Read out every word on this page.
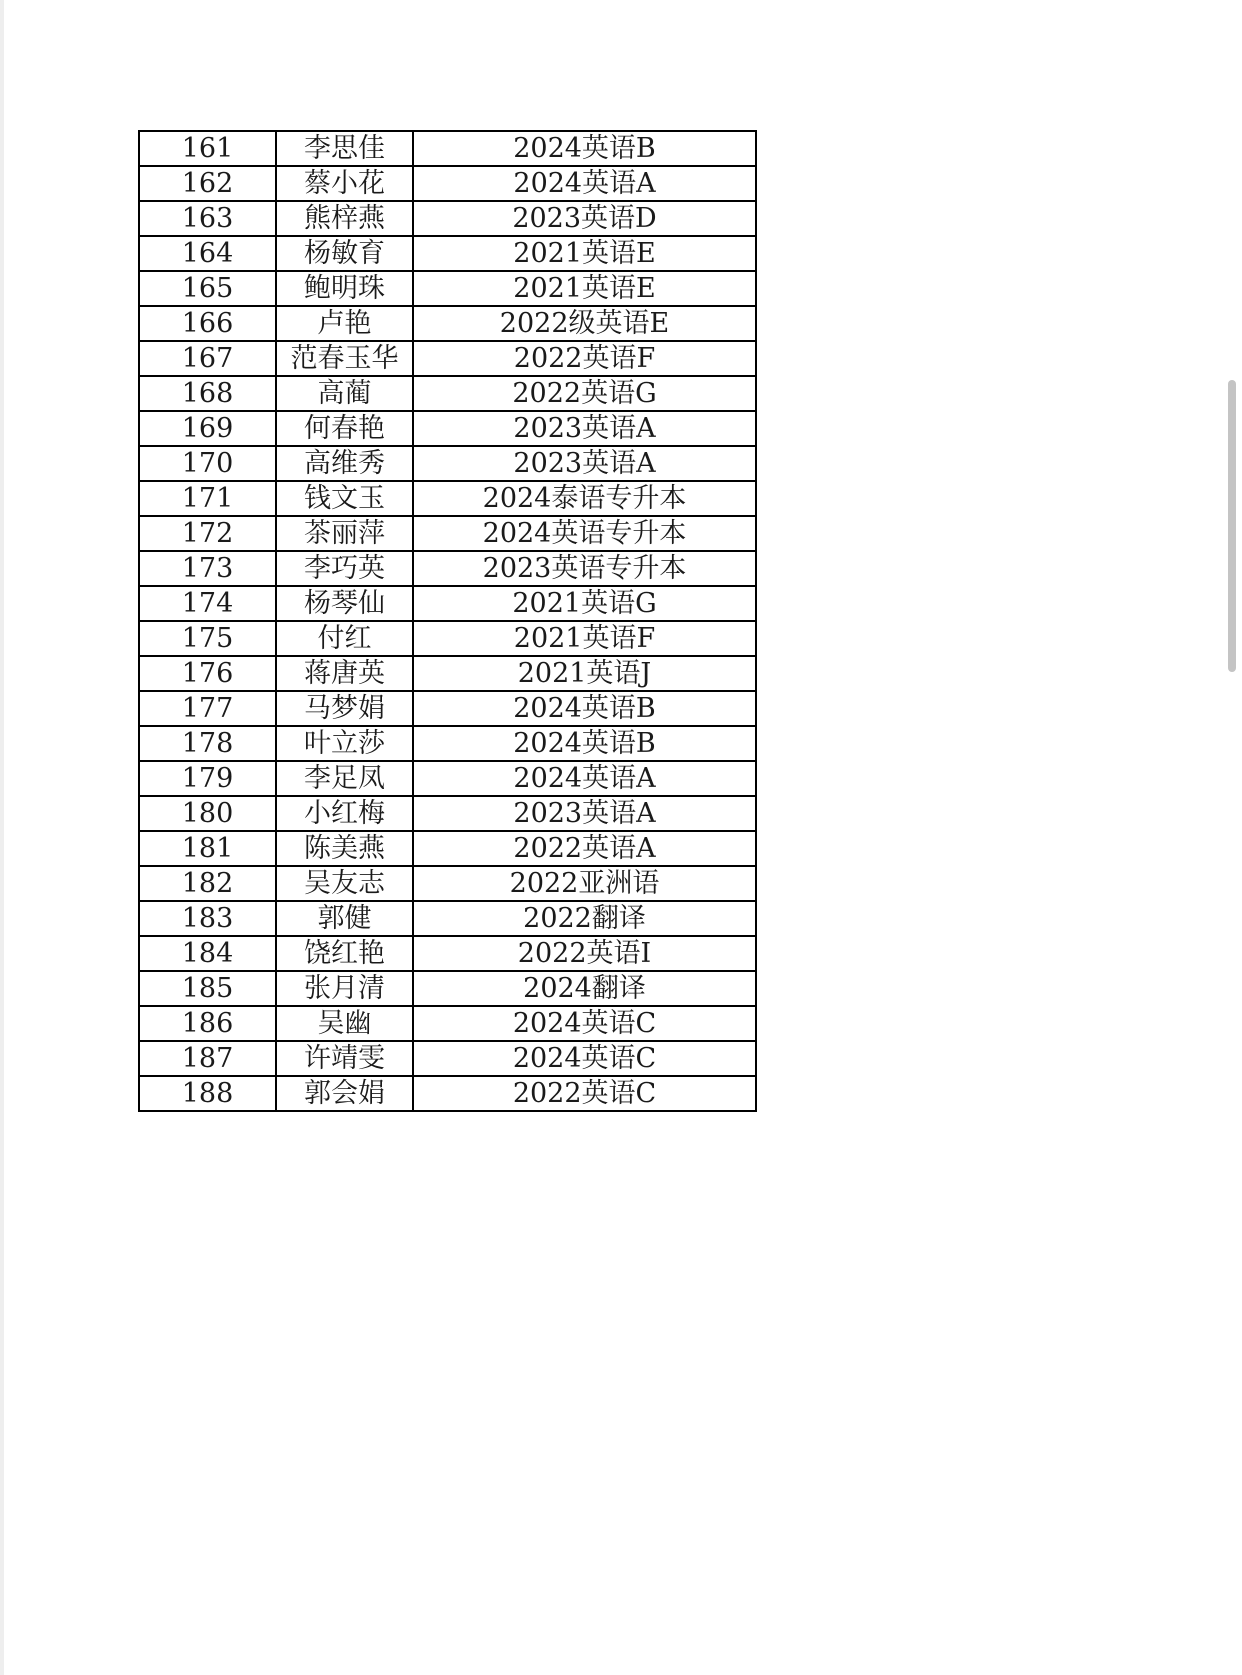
161	李思佳	2024英语B
162	蔡小花	2024英语A
163	熊梓燕	2023英语D
164	杨敏育	2021英语E
165	鲍明珠	2021英语E
166	卢艳	2022级英语E
167	范春玉华	2022英语F
168	高蔺	2022英语G
169	何春艳	2023英语A
170	高维秀	2023英语A
171	钱文玉	2024泰语专升本
172	茶丽萍	2024英语专升本
173	李巧英	2023英语专升本
174	杨琴仙	2021英语G
175	付红	2021英语F
176	蒋唐英	2021英语J
177	马梦娟	2024英语B
178	叶立莎	2024英语B
179	李足凤	2024英语A
180	小红梅	2023英语A
181	陈美燕	2022英语A
182	吴友志	2022亚洲语
183	郭健	2022翻译
184	饶红艳	2022英语I
185	张月清	2024翻译
186	吴幽	2024英语C
187	许靖雯	2024英语C
188	郭会娟	2022英语C
